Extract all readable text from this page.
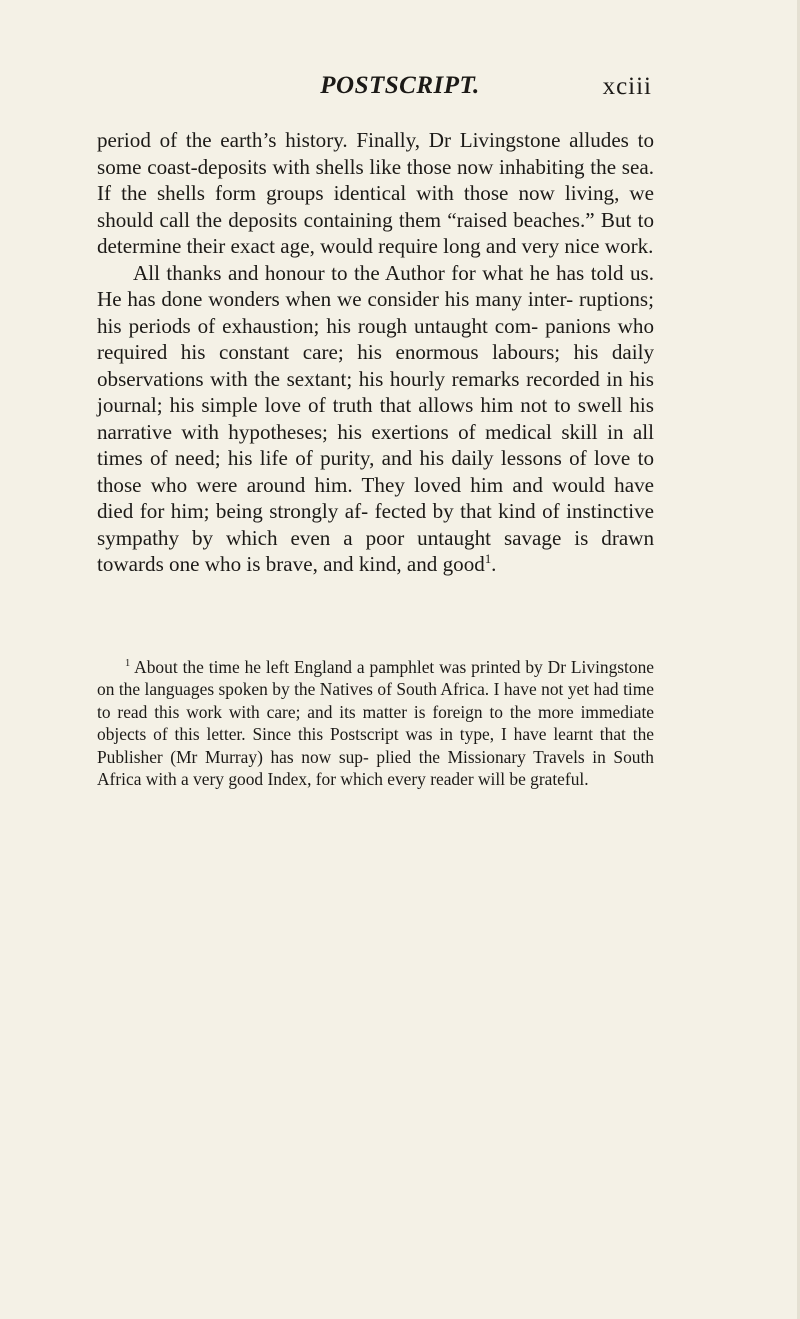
POSTSCRIPT.	xciii

period of the earth’s history. Finally, Dr Livingstone alludes to some coast-deposits with shells like those now inhabiting the sea. If the shells form groups identical with those now living, we should call the deposits containing them “raised beaches.” But to determine their exact age, would require long and very nice work.

All thanks and honour to the Author for what he has told us. He has done wonders when we consider his many inter- ruptions; his periods of exhaustion; his rough untaught com- panions who required his constant care; his enormous labours; his daily observations with the sextant; his hourly remarks recorded in his journal; his simple love of truth that allows him not to swell his narrative with hypotheses; his exertions of medical skill in all times of need; his life of purity, and his daily lessons of love to those who were around him. They loved him and would have died for him; being strongly af- fected by that kind of instinctive sympathy by which even a poor untaught savage is drawn towards one who is brave, and kind, and good$^1$.

$^1$ About the time he left England a pamphlet was printed by Dr Livingstone on the languages spoken by the Natives of South Africa. I have not yet had time to read this work with care; and its matter is foreign to the more immediate objects of this letter. Since this Postscript was in type, I have learnt that the Publisher (Mr Murray) has now sup- plied the Missionary Travels in South Africa with a very good Index, for which every reader will be grateful.
